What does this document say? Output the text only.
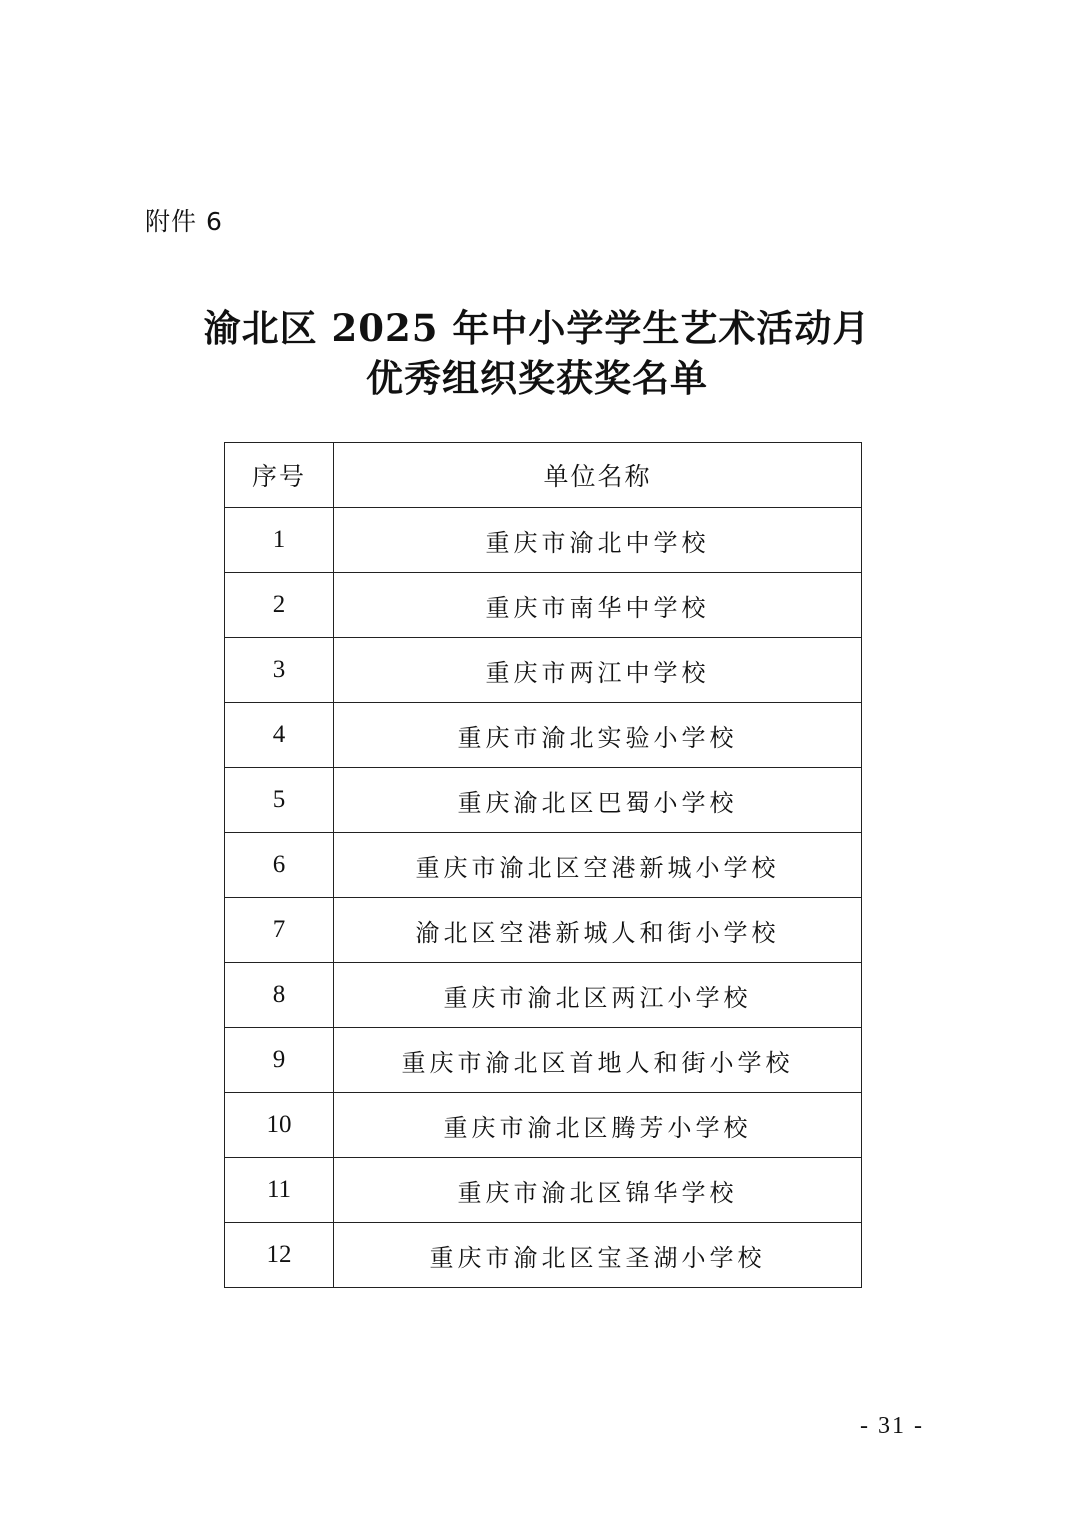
附件 6
渝北区 2025 年中小学学生艺术活动月
优秀组织奖获奖名单
序号	单位名称
1	重庆市渝北中学校
2	重庆市南华中学校
3	重庆市两江中学校
4	重庆市渝北实验小学校
5	重庆渝北区巴蜀小学校
6	重庆市渝北区空港新城小学校
7	渝北区空港新城人和街小学校
8	重庆市渝北区两江小学校
9	重庆市渝北区首地人和街小学校
10	重庆市渝北区腾芳小学校
11	重庆市渝北区锦华学校
12	重庆市渝北区宝圣湖小学校
- 31 -
